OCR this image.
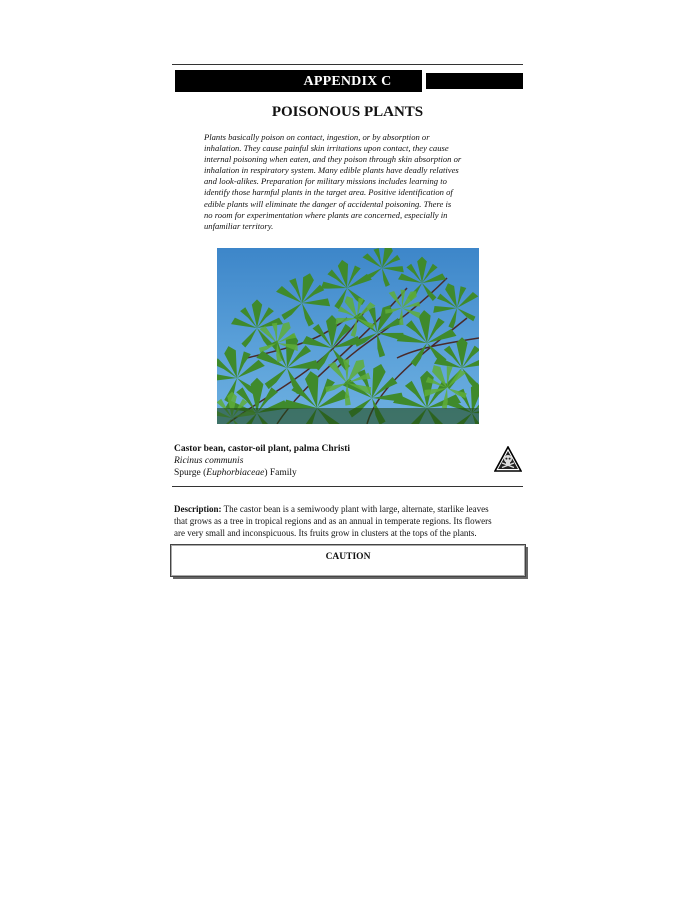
APPENDIX C
POISONOUS PLANTS

Plants basically poison on contact, ingestion, or by absorption or
inhalation. They cause painful skin irritations upon contact, they cause
internal poisoning when eaten, and they poison through skin absorption or
inhalation in respiratory system. Many edible plants have deadly relatives
and look-alikes. Preparation for military missions includes learning to
identify those harmful plants in the target area. Positive identification of
edible plants will eliminate the danger of accidental poisoning. There is
no room for experimentation where plants are concerned, especially in
unfamiliar territory.

Castor bean, castor-oil plant, palma Christi
Ricinus communis
Spurge (Euphorbiaceae) Family

Description: The castor bean is a semiwoody plant with large, alternate, starlike leaves
that grows as a tree in tropical regions and as an annual in temperate regions. Its flowers
are very small and inconspicuous. Its fruits grow in clusters at the tops of the plants.

CAUTION
